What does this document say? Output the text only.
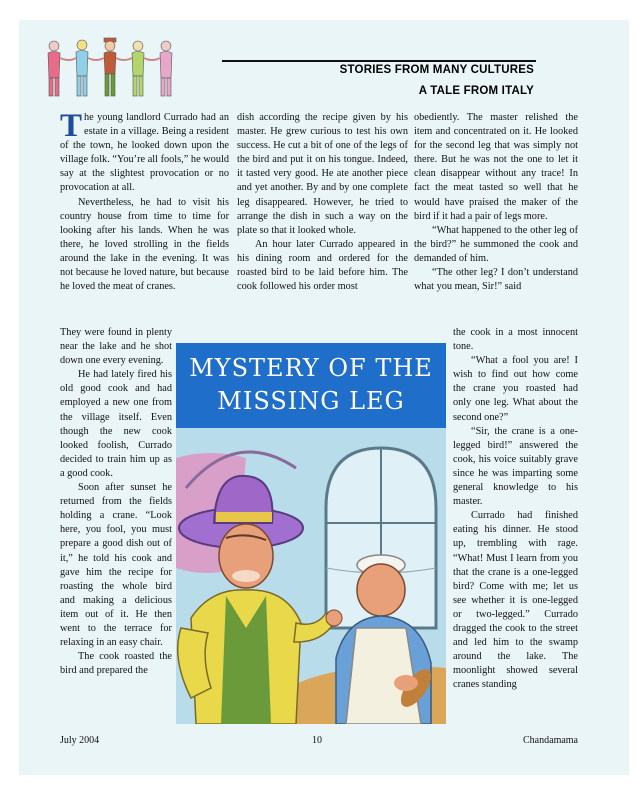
STORIES FROM MANY CULTURES
A TALE FROM ITALY

The young landlord Currado had an estate in a village. Being a resident of the town, he looked down upon the village folk. “You’re all fools,” he would say at the slightest provocation or no provocation at all.

Nevertheless, he had to visit his country house from time to time for looking after his lands. When he was there, he loved strolling in the fields around the lake in the evening. It was not because he loved nature, but because he loved the meat of cranes.

They were found in plenty near the lake and he shot down one every evening.

He had lately fired his old good cook and had employed a new one from the village itself. Even though the new cook looked foolish, Currado decided to train him up as a good cook.

Soon after sunset he returned from the fields holding a crane. “Look here, you fool, you must prepare a good dish out of it,” he told his cook and gave him the recipe for roasting the whole bird and making a delicious item out of it. He then went to the terrace for relaxing in an easy chair.

The cook roasted the bird and prepared the

dish according the recipe given by his master. He grew curious to test his own success. He cut a bit of one of the legs of the bird and put it on his tongue. Indeed, it tasted very good. He ate another piece and yet another. By and by one complete leg disappeared. However, he tried to arrange the dish in such a way on the plate so that it looked whole.

An hour later Currado appeared in his dining room and ordered for the roasted bird to be laid before him. The cook followed his order most

obediently. The master relished the item and concentrated on it. He looked for the second leg that was simply not there. But he was not the one to let it clean disappear without any trace! In fact the meat tasted so well that he would have praised the maker of the bird if it had a pair of legs more.

“What happened to the other leg of the bird?” he summoned the cook and demanded of him.

“The other leg? I don’t understand what you mean, Sir!” said

the cook in a most innocent tone.

“What a fool you are! I wish to find out how come the crane you roasted had only one leg. What about the second one?”

“Sir, the crane is a one-legged bird!” answered the cook, his voice suitably grave since he was imparting some general knowledge to his master.

Currado had finished eating his dinner. He stood up, trembling with rage. “What! Must I learn from you that the crane is a one-legged bird? Come with me; let us see whether it is one-legged or two-legged.” Currado dragged the cook to the street and led him to the swamp around the lake. The moonlight showed several cranes standing

MYSTERY OF THE
MISSING LEG
July 2004	10	Chandamama
